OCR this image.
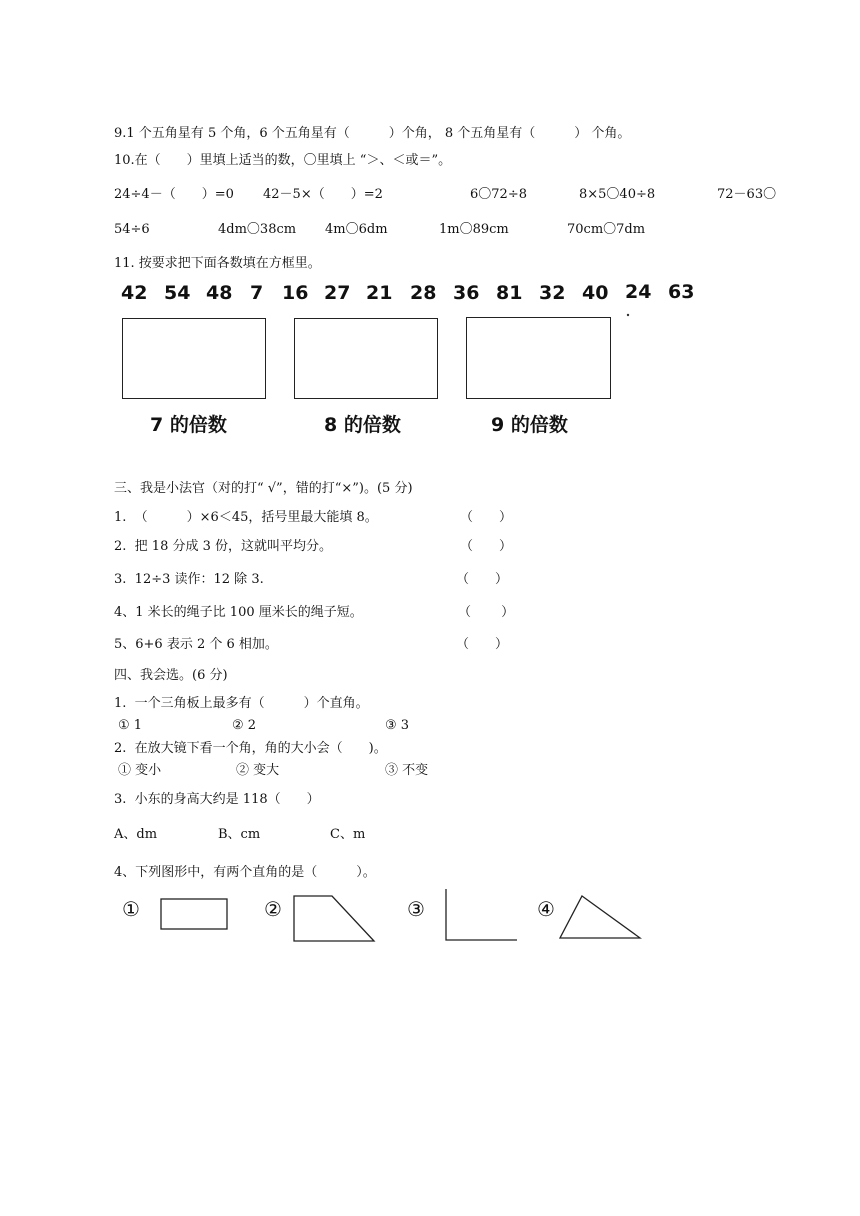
9.1 个五角星有 5 个角，6 个五角星有（　　　）个角， 8 个五角星有（　　　） 个角。
10.在（　　）里填上适当的数，〇里填上 “＞、＜或＝”。
24÷4－（　　）=0 42－5×（　　）=2	6〇72÷8	8×5〇40÷8	72－63〇
54÷6	4dm〇38cm 4m〇6dm	1m〇89cm	70cm〇7dm
11. 按要求把下面各数填在方框里。
42 54 48 7 16 27 21 28 36 81 32 40 24 63
7 的倍数	8 的倍数	9 的倍数
三、我是小法官（对的打“ √”，错的打“×”)。(5 分)
1.  （　　　）×6＜45，括号里最大能填 8。	（　　）
2.  把 18 分成 3 份，这就叫平均分。	（　　）
3.  12÷3 读作：12 除 3.	（　　）
4、1 米长的绳子比 100 厘米长的绳子短。	（　　 ）
5、6+6 表示 2 个 6 相加。	（　　）
四、我会选。(6 分)
1.  一个三角板上最多有（　　　）个直角。
① 1	② 2	③ 3
2.  在放大镜下看一个角，角的大小会（　　)。
① 变小	② 变大	③ 不变
3.  小东的身高大约是 118（　　）
A、dm	B、cm	C、m
4、下列图形中，有两个直角的是（　　　）。
①	②	③	④
